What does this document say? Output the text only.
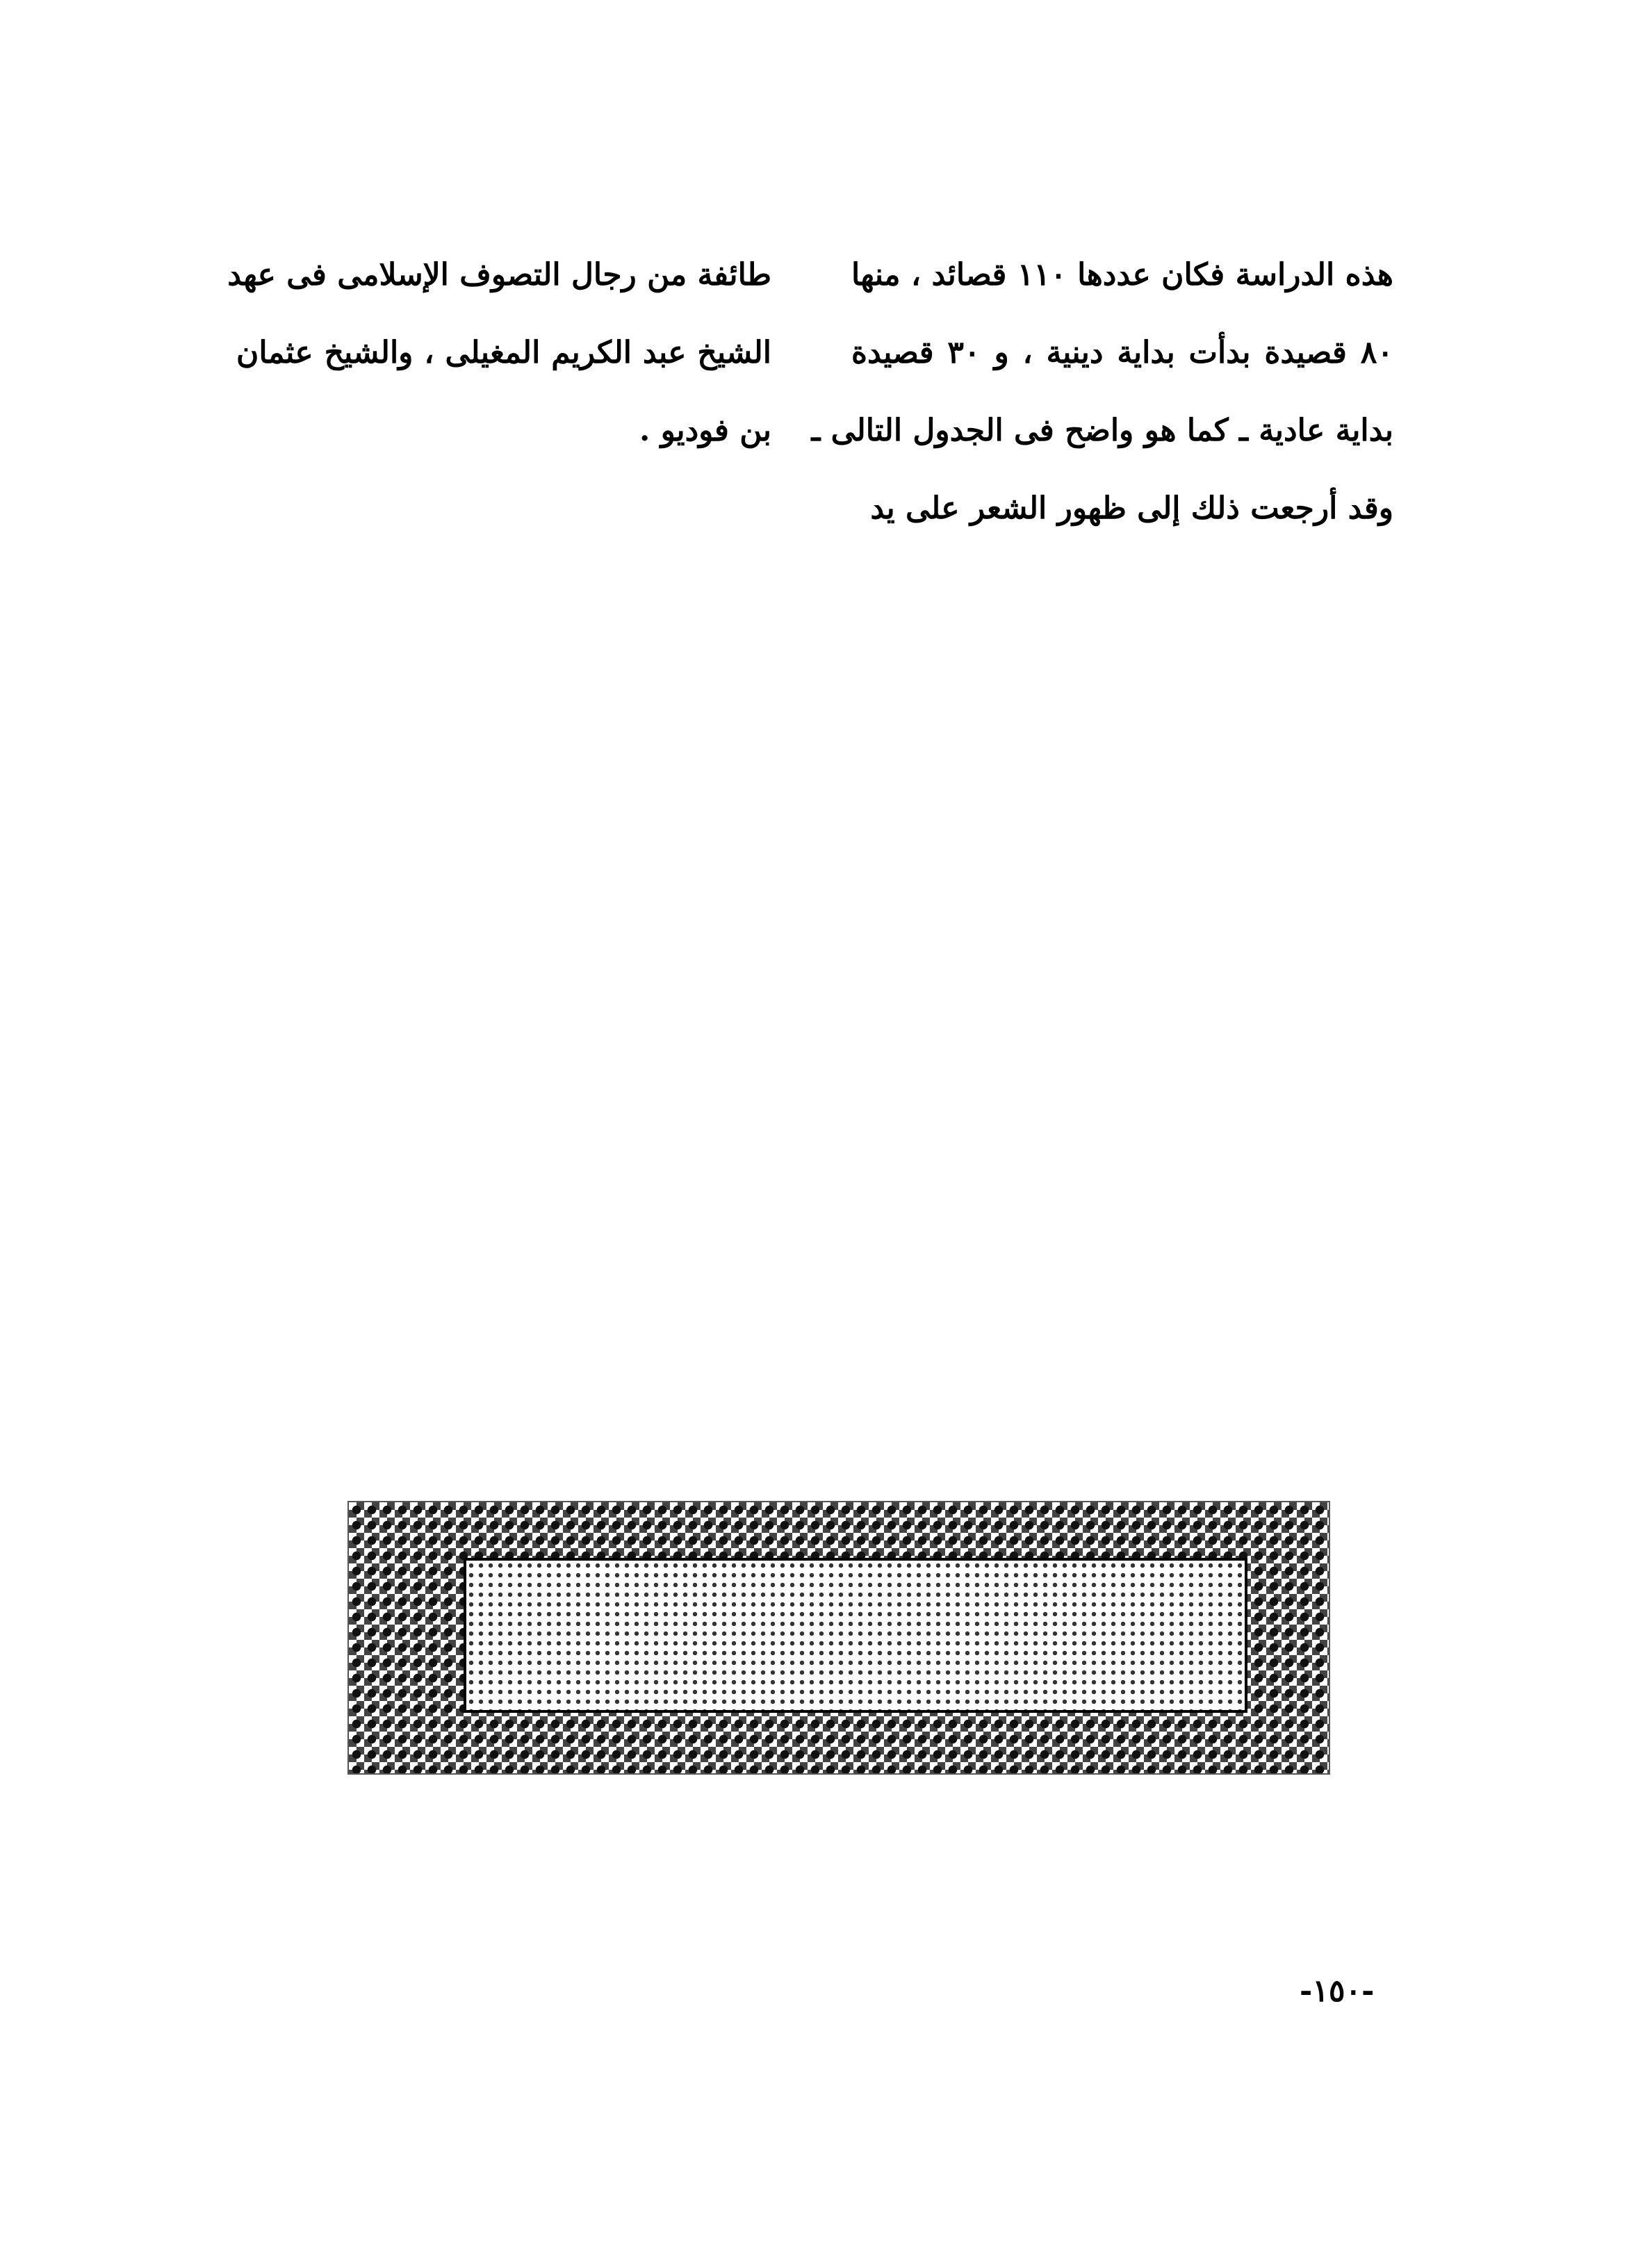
هذه الدراسة فكان عددها ١١٠ قصائد ، منها
٨٠ قصيدة بدأت بداية دينية ، و ٣٠ قصيدة
بداية عادية ـ كما هو واضح فى الجدول التالى ـ
وقد أرجعت ذلك إلى ظهور الشعر على يد
طائفة من رجال التصوف الإسلامى فى عهد
الشيخ عبد الكريم المغيلى ، والشيخ عثمان
بن فوديو .
-١٥٠-
